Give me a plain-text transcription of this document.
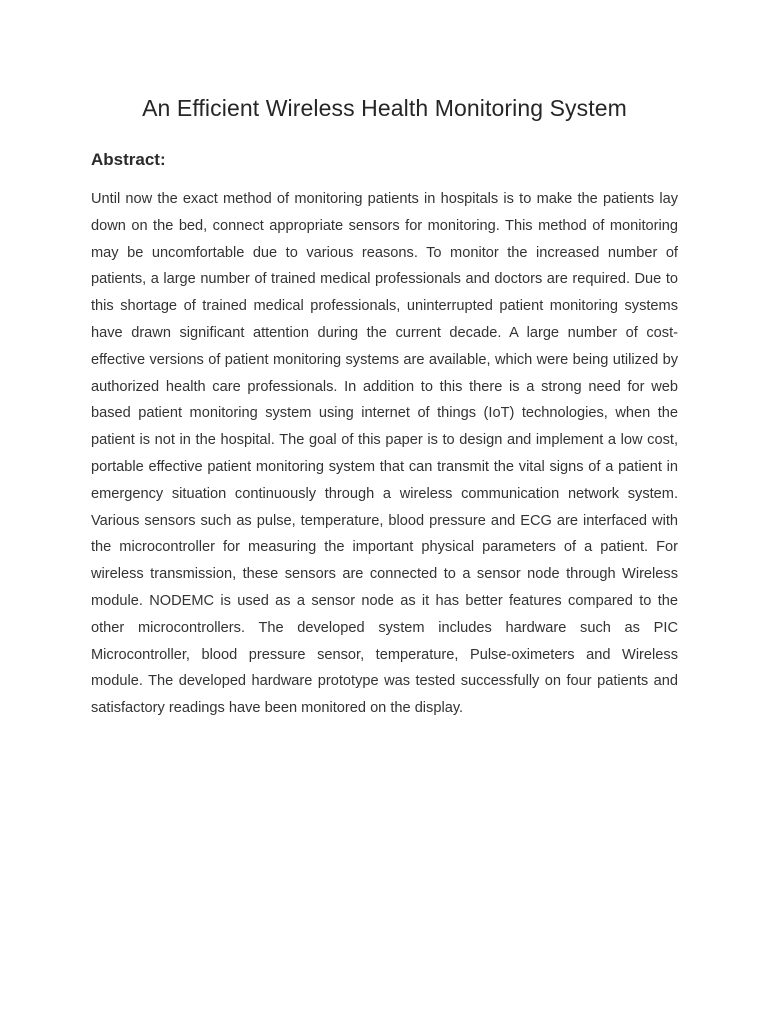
An Efficient Wireless Health Monitoring System
Abstract:

Until now the exact method of monitoring patients in hospitals is to make the patients lay down on the bed, connect appropriate sensors for monitoring. This method of monitoring may be uncomfortable due to various reasons. To monitor the increased number of patients, a large number of trained medical professionals and doctors are required. Due to this shortage of trained medical professionals, uninterrupted patient monitoring systems have drawn significant attention during the current decade. A large number of cost-effective versions of patient monitoring systems are available, which were being utilized by authorized health care professionals. In addition to this there is a strong need for web based patient monitoring system using internet of things (IoT) technologies, when the patient is not in the hospital. The goal of this paper is to design and implement a low cost, portable effective patient monitoring system that can transmit the vital signs of a patient in emergency situation continuously through a wireless communication network system. Various sensors such as pulse, temperature, blood pressure and ECG are interfaced with the microcontroller for measuring the important physical parameters of a patient. For wireless transmission, these sensors are connected to a sensor node through Wireless module. NODEMC is used as a sensor node as it has better features compared to the other microcontrollers. The developed system includes hardware such as PIC Microcontroller, blood pressure sensor, temperature, Pulse-oximeters and Wireless module. The developed hardware prototype was tested successfully on four patients and satisfactory readings have been monitored on the display.
